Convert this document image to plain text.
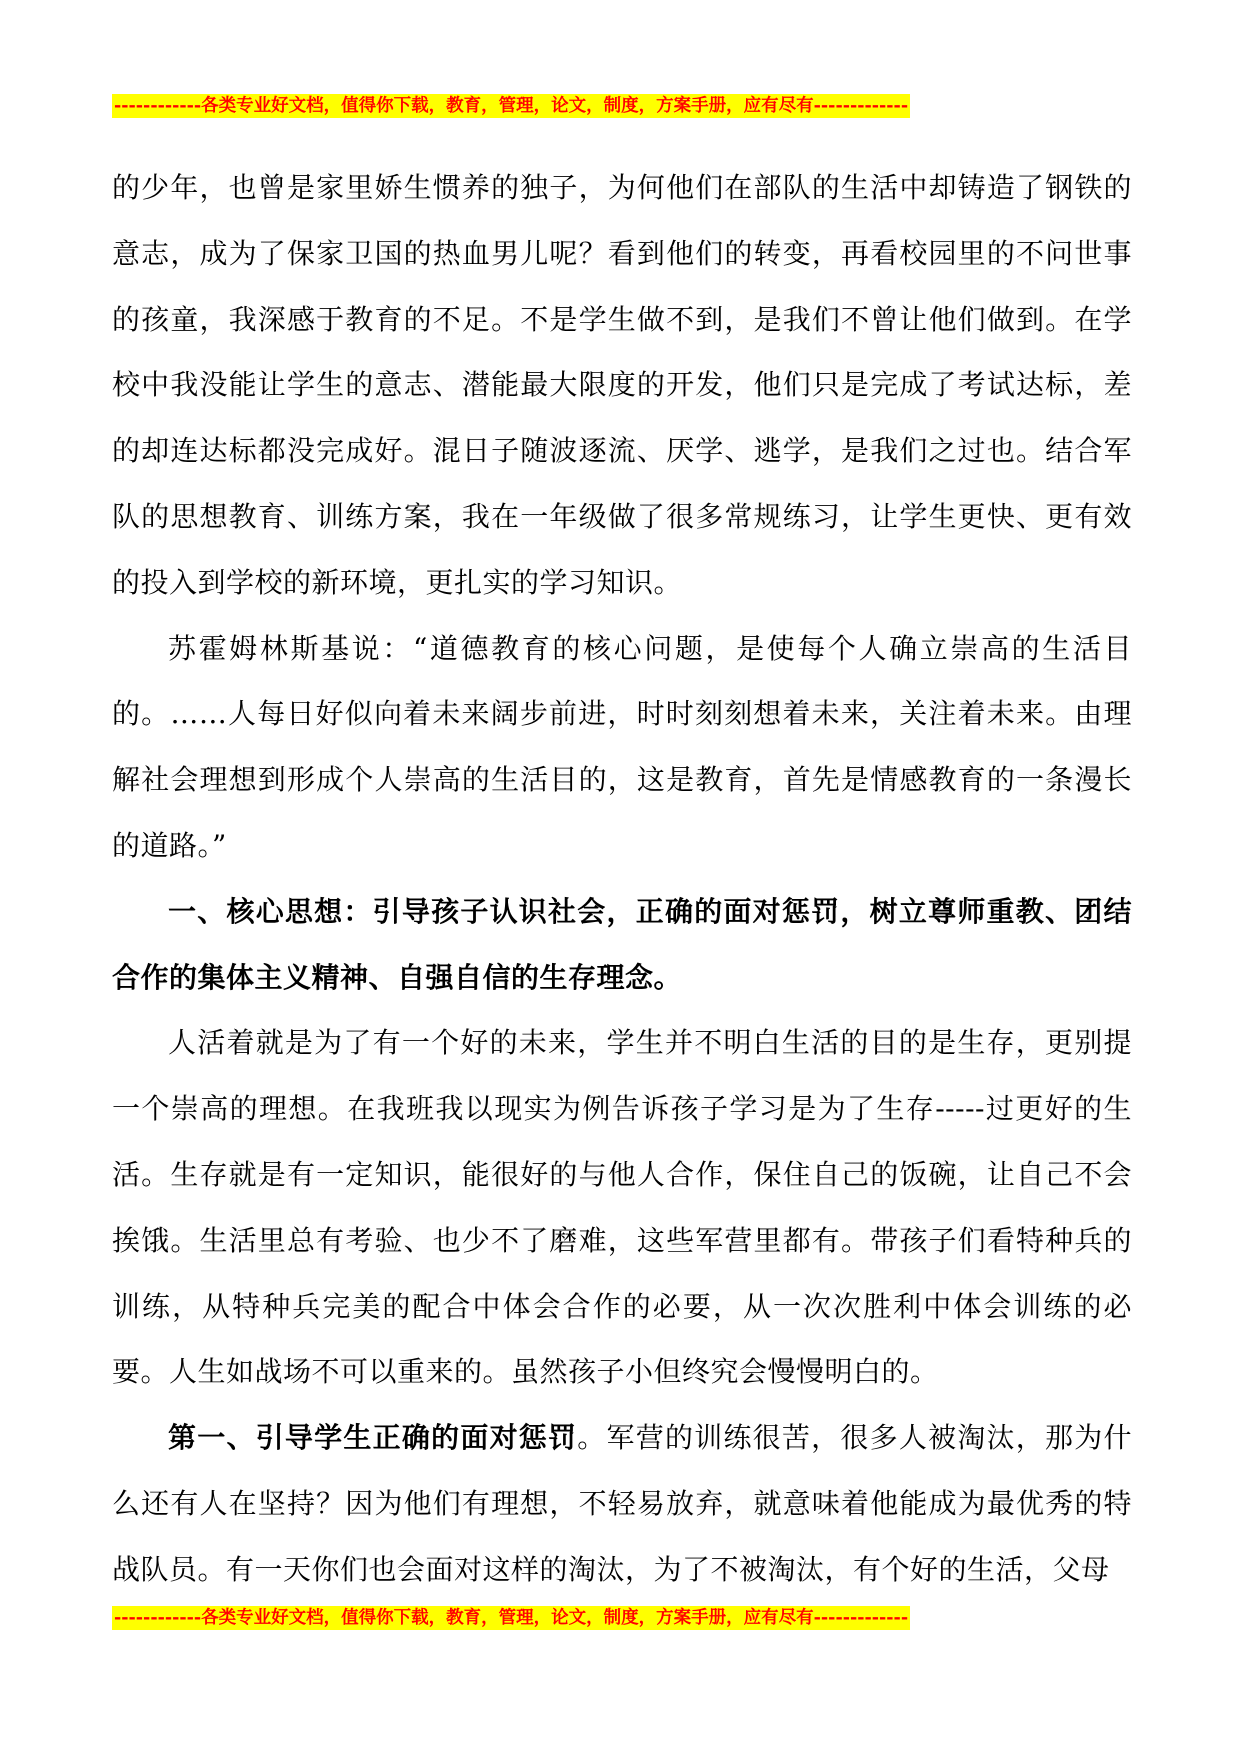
------------各类专业好文档，值得你下载，教育，管理，论文，制度，方案手册，应有尽有-------------

的少年，也曾是家里娇生惯养的独子，为何他们在部队的生活中却铸造了钢铁的意志，成为了保家卫国的热血男儿呢？看到他们的转变，再看校园里的不问世事的孩童，我深感于教育的不足。不是学生做不到，是我们不曾让他们做到。在学校中我没能让学生的意志、潜能最大限度的开发，他们只是完成了考试达标，差的却连达标都没完成好。混日子随波逐流、厌学、逃学，是我们之过也。结合军队的思想教育、训练方案，我在一年级做了很多常规练习，让学生更快、更有效的投入到学校的新环境，更扎实的学习知识。

苏霍姆林斯基说：“道德教育的核心问题，是使每个人确立崇高的生活目的。……人每日好似向着未来阔步前进，时时刻刻想着未来，关注着未来。由理解社会理想到形成个人崇高的生活目的，这是教育，首先是情感教育的一条漫长的道路。”

一、核心思想：引导孩子认识社会，正确的面对惩罚，树立尊师重教、团结合作的集体主义精神、自强自信的生存理念。

人活着就是为了有一个好的未来，学生并不明白生活的目的是生存，更别提一个崇高的理想。在我班我以现实为例告诉孩子学习是为了生存-----过更好的生活。生存就是有一定知识，能很好的与他人合作，保住自己的饭碗，让自己不会挨饿。生活里总有考验、也少不了磨难，这些军营里都有。带孩子们看特种兵的训练，从特种兵完美的配合中体会合作的必要，从一次次胜利中体会训练的必要。人生如战场不可以重来的。虽然孩子小但终究会慢慢明白的。

第一、引导学生正确的面对惩罚。军营的训练很苦，很多人被淘汰，那为什么还有人在坚持？因为他们有理想，不轻易放弃，就意味着他能成为最优秀的特战队员。有一天你们也会面对这样的淘汰，为了不被淘汰，有个好的生活，父母

------------各类专业好文档，值得你下载，教育，管理，论文，制度，方案手册，应有尽有-------------
